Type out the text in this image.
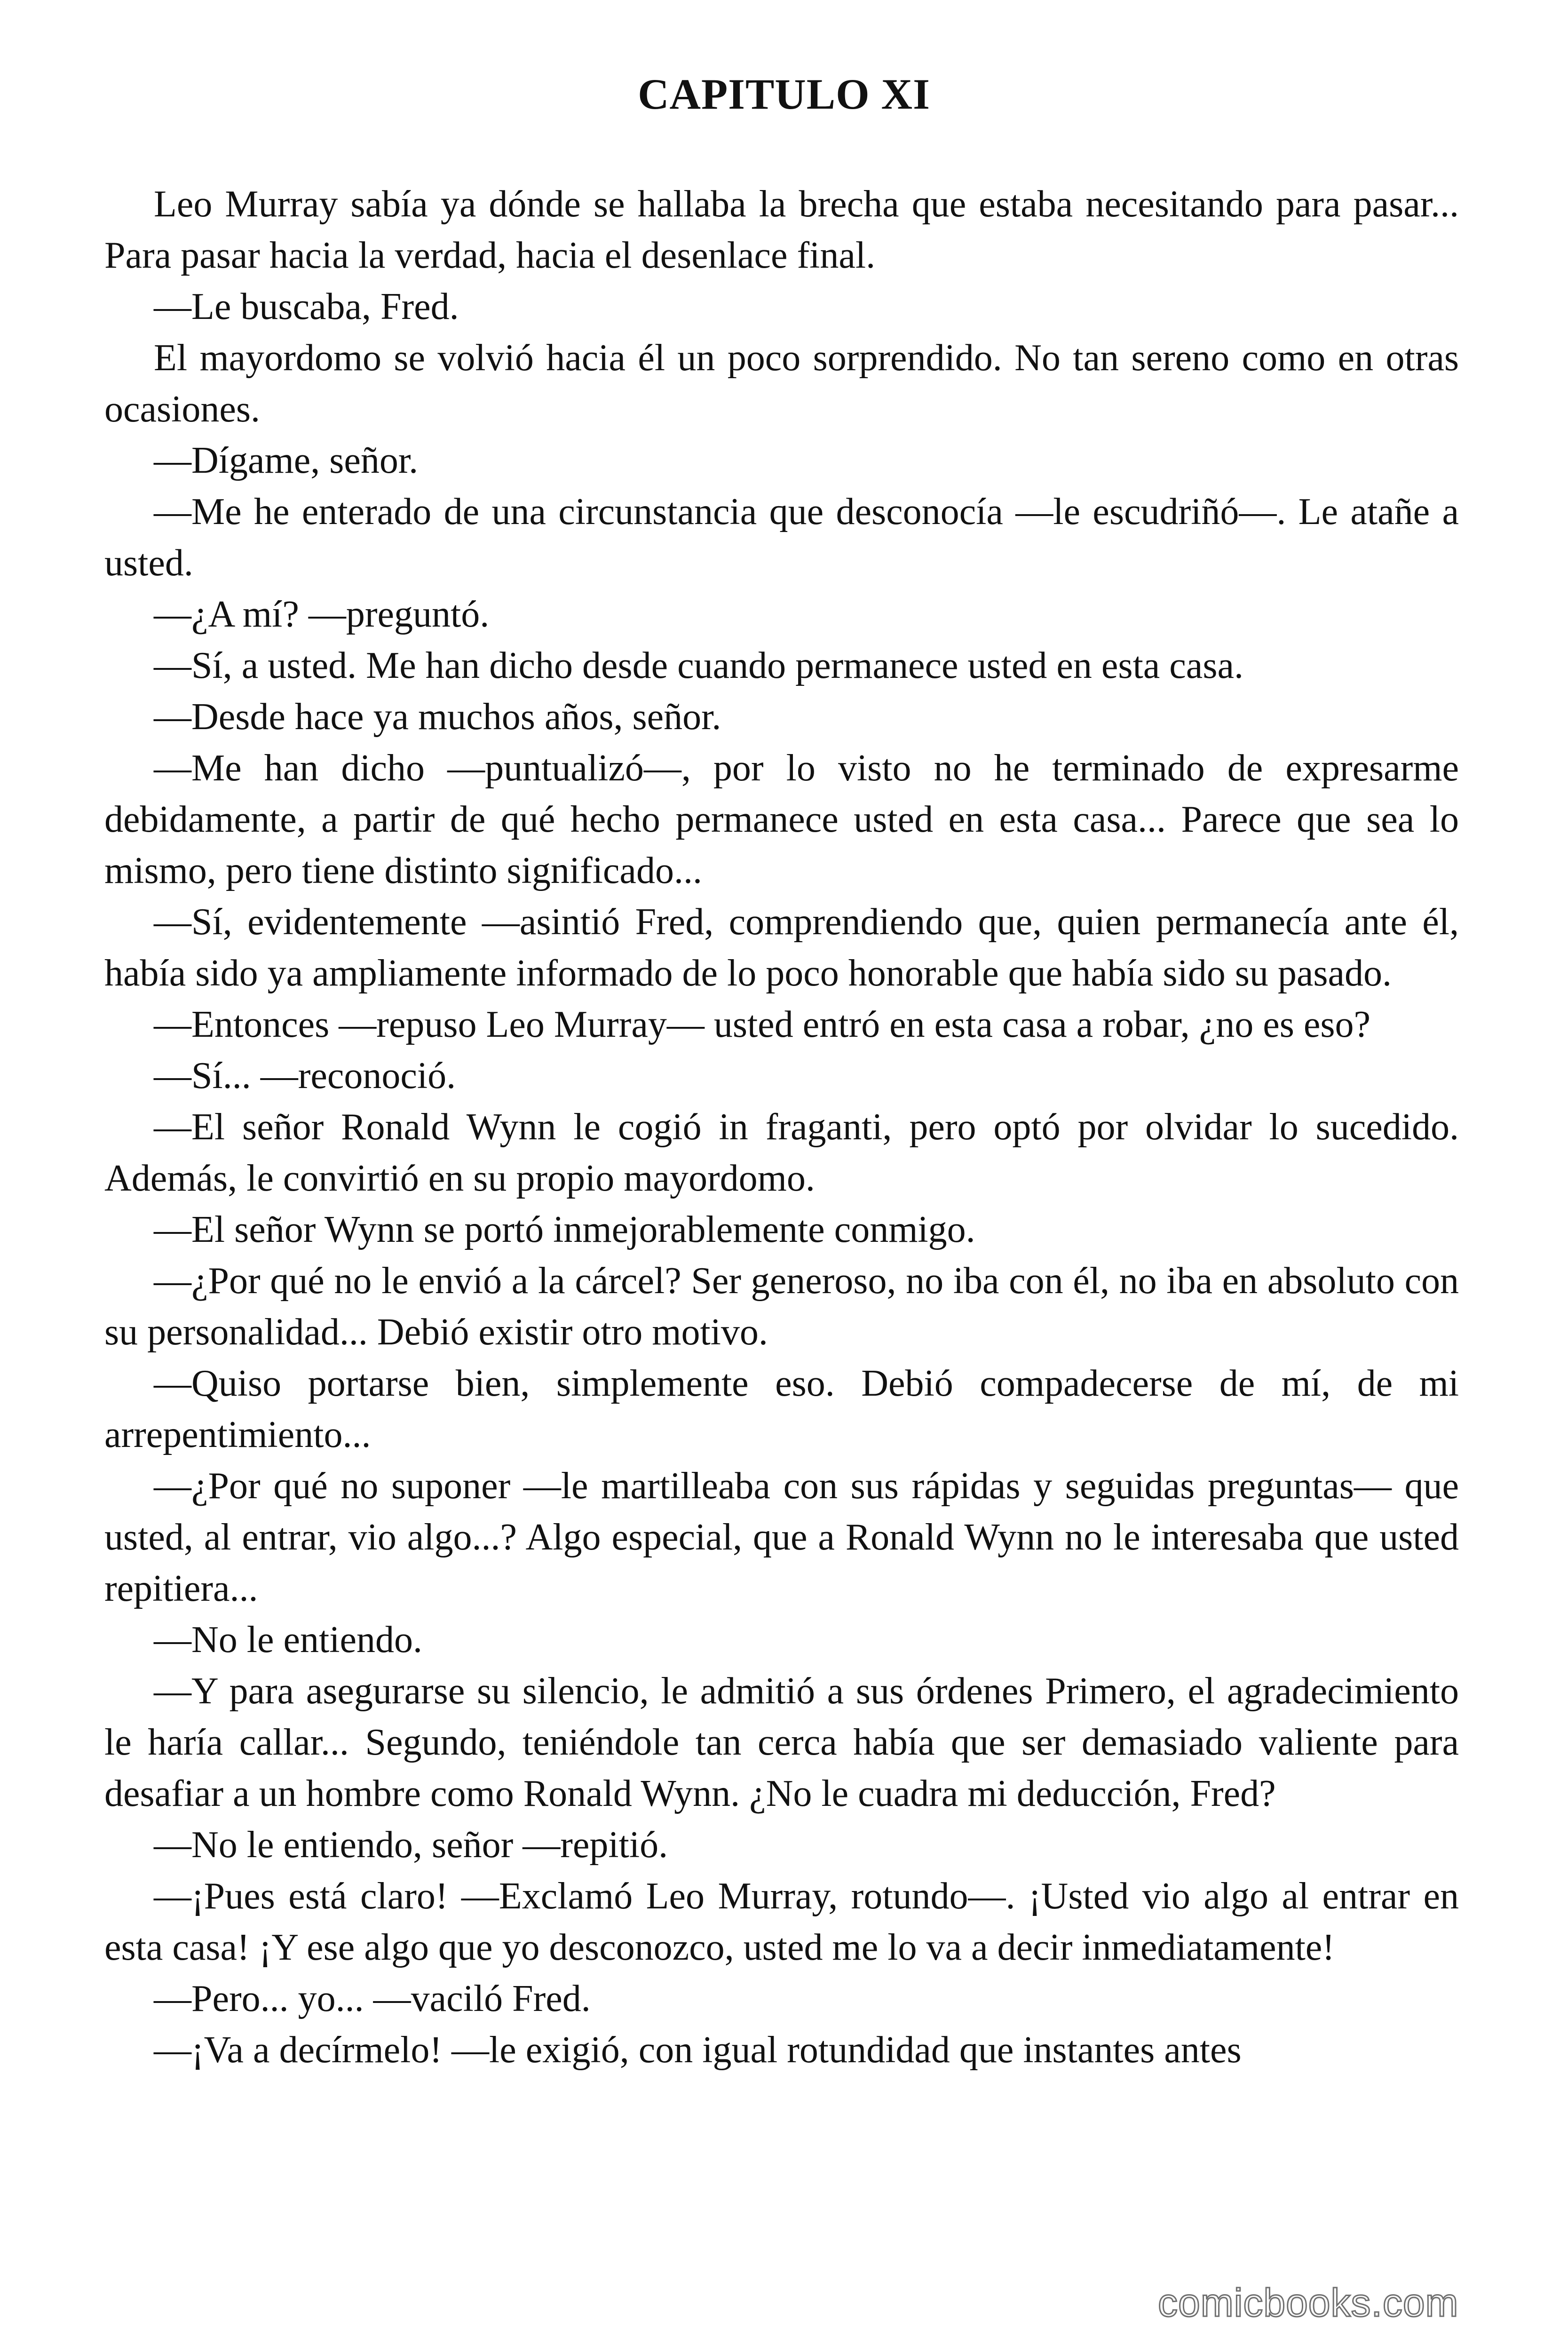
CAPITULO XI

Leo Murray sabía ya dónde se hallaba la brecha que estaba necesitando para pasar... Para pasar hacia la verdad, hacia el desenlace final.

—Le buscaba, Fred.

El mayordomo se volvió hacia él un poco sorprendido. No tan sereno como en otras ocasiones.

—Dígame, señor.

—Me he enterado de una circunstancia que desconocía —le escudriñó—. Le atañe a usted.

—¿A mí? —preguntó.

—Sí, a usted. Me han dicho desde cuando permanece usted en esta casa.

—Desde hace ya muchos años, señor.

—Me han dicho —puntualizó—, por lo visto no he terminado de expresarme debidamente, a partir de qué hecho permanece usted en esta casa... Parece que sea lo mismo, pero tiene distinto significado...

—Sí, evidentemente —asintió Fred, comprendiendo que, quien permanecía ante él, había sido ya ampliamente informado de lo poco honorable que había sido su pasado.

—Entonces —repuso Leo Murray— usted entró en esta casa a robar, ¿no es eso?

—Sí... —reconoció.

—El señor Ronald Wynn le cogió in fraganti, pero optó por olvidar lo sucedido. Además, le convirtió en su propio mayordomo.

—El señor Wynn se portó inmejorablemente conmigo.

—¿Por qué no le envió a la cárcel? Ser generoso, no iba con él, no iba en absoluto con su personalidad... Debió existir otro motivo.

—Quiso portarse bien, simplemente eso. Debió compadecerse de mí, de mi arrepentimiento...

—¿Por qué no suponer —le martilleaba con sus rápidas y seguidas preguntas— que usted, al entrar, vio algo...? Algo especial, que a Ronald Wynn no le interesaba que usted repitiera...

—No le entiendo.

—Y para asegurarse su silencio, le admitió a sus órdenes Primero, el agradecimiento le haría callar... Segundo, teniéndole tan cerca había que ser demasiado valiente para desafiar a un hombre como Ronald Wynn. ¿No le cuadra mi deducción, Fred?

—No le entiendo, señor —repitió.

—¡Pues está claro! —Exclamó Leo Murray, rotundo—. ¡Usted vio algo al entrar en esta casa! ¡Y ese algo que yo desconozco, usted me lo va a decir inmediatamente!

—Pero... yo... —vaciló Fred.

—¡Va a decírmelo! —le exigió, con igual rotundidad que instantes antes

comicbooks.com
